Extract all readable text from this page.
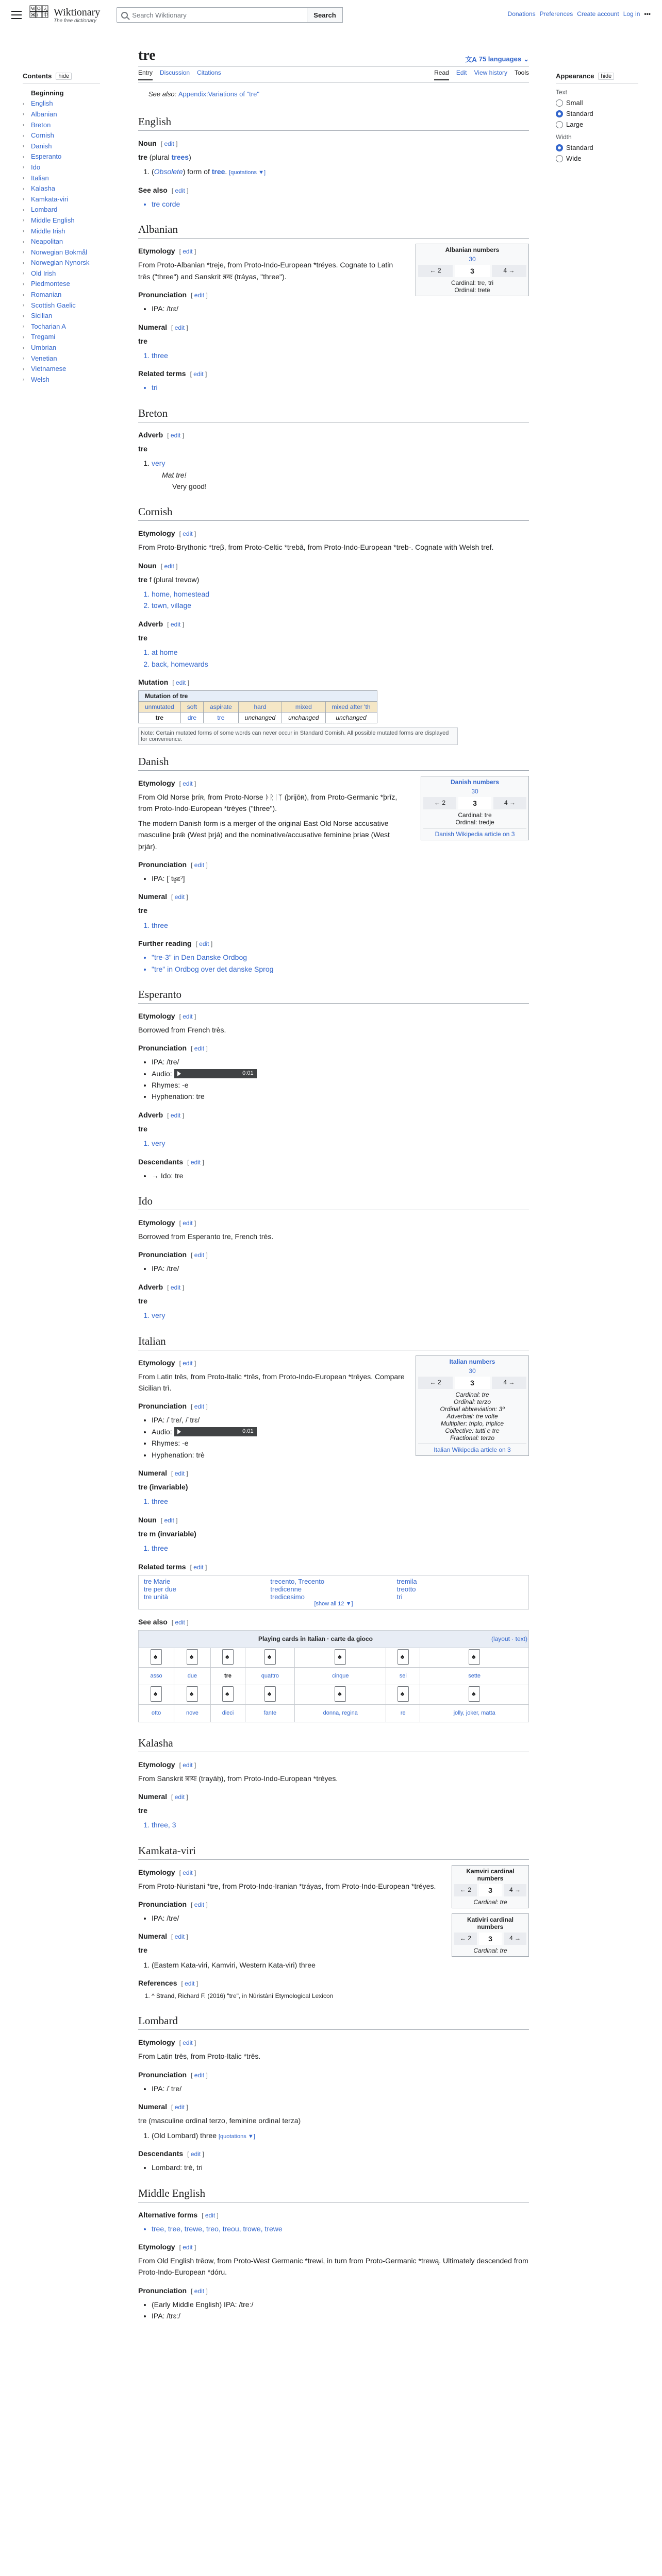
W Ω え
Ж i 中 Wiktionary
The free dictionary
Search Wiktionary	Search	Donations Preferences Create account Log in •••
Contents	hide
Beginning
›	English
›	Albanian
›	Breton
›	Cornish
›	Danish
›	Esperanto
›	Ido
›	Italian
›	Kalasha
›	Kamkata-viri
›	Lombard
›	Middle English
›	Middle Irish
›	Neapolitan
›	Norwegian Bokmål
›	Norwegian Nynorsk
›	Old Irish
›	Piedmontese
›	Romanian
›	Scottish Gaelic
›	Sicilian
›	Tocharian A
›	Tregami
›	Umbrian
›	Venetian
›	Vietnamese
›	Welsh
Appearance	hide
Text
Small
Standard
Large
Width
Standard
Wide
tre	文A 75 languages ⌄
Entry Discussion Citations	Read Edit View history Tools
See also: Appendix:Variations of "tre"
English
Noun [ edit ]

tre (plural trees)

1. (Obsolete) form of tree. [quotations ▼]
See also [ edit ]
• tre corde
Albanian
Albanian numbers
30
← 2	3	4 →
Cardinal: tre, tri
Ordinal: tretë
Etymology [ edit ]

From Proto-Albanian *treje, from Proto-Indo-European *tréyes. Cognate to Latin trēs ("three") and Sanskrit त्रयः (tráyas, "three").

Pronunciation [ edit ]
• IPA: /tɾɛ/
Numeral [ edit ]

tre

1. three
Related terms [ edit ]
• tri
Breton
Adverb [ edit ]

tre

1. very
Mat tre!
Very good!
Cornish
Etymology [ edit ]

From Proto-Brythonic *treβ, from Proto-Celtic *trebā, from Proto-Indo-European *treb-. Cognate with Welsh tref.

Noun [ edit ]

tre f (plural trevow)

1. home, homestead
2. town, village
Adverb [ edit ]

tre

1. at home
2. back, homewards
Mutation [ edit ]
Mutation of tre					
unmutated	soft	aspirate	hard	mixed	mixed after 'th
tre	dre	tre	unchanged	unchanged	unchanged
Note: Certain mutated forms of some words can never occur in Standard Cornish. All possible mutated forms are displayed for convenience.
Danish
Danish numbers
30
← 2	3	4 →
Cardinal: tre
Ordinal: tredje
Danish Wikipedia article on 3
Etymology [ edit ]

From Old Norse þríʀ, from Proto-Norse ᚦᚱᛁᛉ (þrijōʀ), from Proto-Germanic *þrīz, from Proto-Indo-European *tréyes ("three").

The modern Danish form is a merger of the original East Old Norse accusative masculine þrǣ (West þrjá) and the nominative/accusative feminine þriaʀ (West þrjár).

Pronunciation [ edit ]
• IPA: [ˈtʁ̥ɛˀ]
Numeral [ edit ]

tre

1. three
Further reading [ edit ]
• "tre-3" in Den Danske Ordbog
• "tre" in Ordbog over det danske Sprog
Esperanto
Etymology [ edit ]

Borrowed from French très.

Pronunciation [ edit ]
• IPA: /tre/
• Audio:	0:01
• Rhymes: -e
• Hyphenation: tre
Adverb [ edit ]

tre

1. very
Descendants [ edit ]
• → Ido: tre
Ido
Etymology [ edit ]

Borrowed from Esperanto tre, French très.

Pronunciation [ edit ]
• IPA: /tre/
Adverb [ edit ]

tre

1. very
Italian
Italian numbers
30
← 2	3	4 →
Cardinal: tre
Ordinal: terzo
Ordinal abbreviation: 3º
Adverbial: tre volte
Multiplier: triplo, triplice
Collective: tutti e tre
Fractional: terzo
Italian Wikipedia article on 3
Etymology [ edit ]

From Latin trēs, from Proto-Italic *trēs, from Proto-Indo-European *tréyes. Compare Sicilian trì.

Pronunciation [ edit ]
• IPA: /ˈtre/, /ˈtrɛ/
• Audio:	0:01
• Rhymes: -e
• Hyphenation: trè
Numeral [ edit ]

tre (invariable)

1. three
Noun [ edit ]

tre m (invariable)

1. three
Related terms [ edit ]
tre Marie	trecento, Trecento	tremila
tre per due	tredicenne	treotto
tre unità	tredicesimo	tri
[show all 12 ▼]
See also [ edit ]
Playing cards in Italian · carte da gioco (layout · text)						

♠	♠	♠	♠	♠	♠	♠
asso	due	tre	quattro	cinque	sei	sette
♠	♠	♠	♠	♠	♠	♠
otto	nove	dieci	fante	donna, regina	re	jolly, joker, matta
Kalasha
Etymology [ edit ]

From Sanskrit त्रायः (trayáḥ), from Proto-Indo-European *tréyes.

Numeral [ edit ]

tre

1. three, 3
Kamkata-viri
Kamviri cardinal numbers
← 2	3	4 →
Cardinal: tre
Kativiri cardinal numbers
← 2	3	4 →
Cardinal: tre
Etymology [ edit ]

From Proto-Nuristani *tre, from Proto-Indo-Iranian *tráyas, from Proto-Indo-European *tréyes.

Pronunciation [ edit ]
• IPA: /tɾe/
Numeral [ edit ]

tre

1. (Eastern Kata-viri, Kamviri, Western Kata-viri) three
References [ edit ]
1. ^ Strand, Richard F. (2016) "tre", in Nûristânî Etymological Lexicon
Lombard
Etymology [ edit ]

From Latin trēs, from Proto-Italic *trēs.

Pronunciation [ edit ]
• IPA: /ˈtre/
Numeral [ edit ]

tre (masculine ordinal terzo, feminine ordinal terza)

1. (Old Lombard) three [quotations ▼]
Descendants [ edit ]
• Lombard: trè, tri
Middle English
Alternative forms [ edit ]
• tree, tree, trewe, treo, treou, trowe, trewe
Etymology [ edit ]

From Old English trēow, from Proto-West Germanic *trewi, in turn from Proto-Germanic *trewą. Ultimately descended from Proto-Indo-European *dóru.

Pronunciation [ edit ]
• (Early Middle English) IPA: /treː/
• IPA: /trɛː/
